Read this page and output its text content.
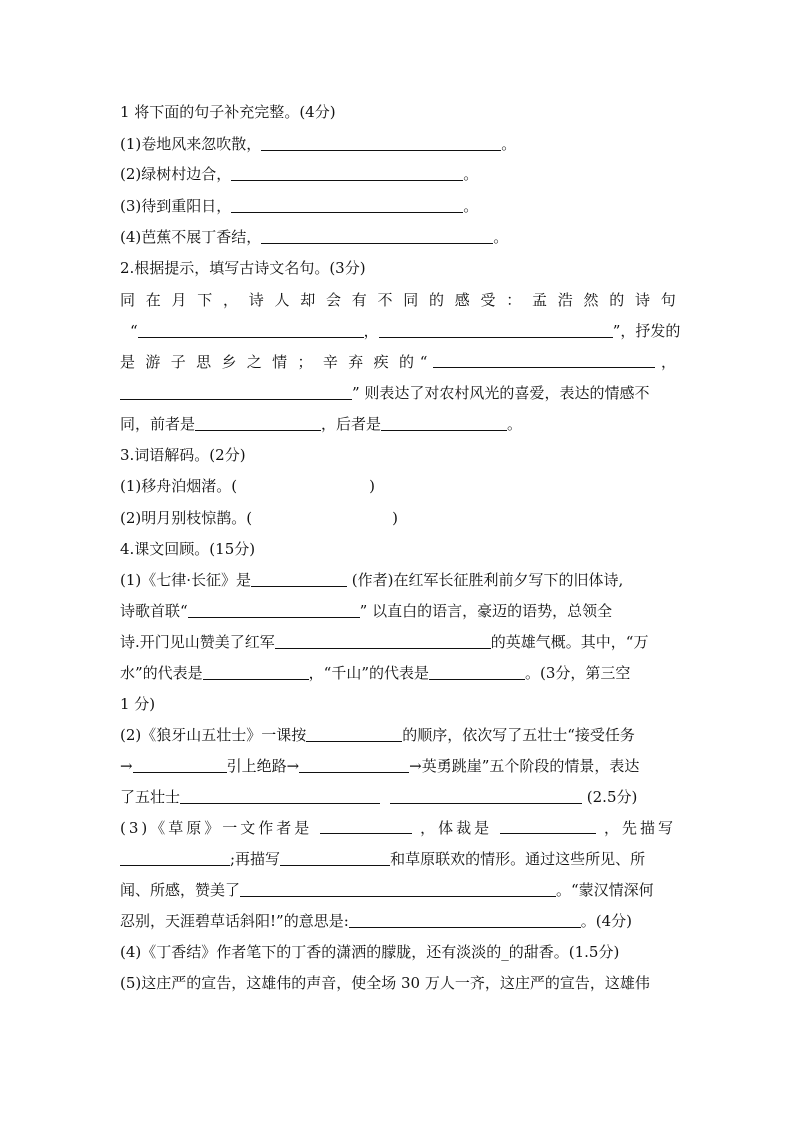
1 将下面的句子补充完整。(4分)
(1)卷地风来忽吹散，	。
(2)绿树村边合，	。
(3)待到重阳日，	。
(4)芭蕉不展丁香结，	。
2.根据提示，填写古诗文名句。(3分)
同 在 月 下 ， 诗 人 却 会 有 不 同 的 感 受 ： 孟 浩 然 的 诗 句
“	，	”，抒发的
是 游 子 思 乡 之 情 ； 辛 弃 疾 的 “	，
” 则表达了对农村风光的喜爱，表达的情感不
同，前者是	，后者是	。
3.词语解码。(2分)
(1)移舟泊烟渚。(	)
(2)明月别枝惊鹊。(	)
4.课文回顾。(15分)
(1)《七律·长征》是	(作者)在红军长征胜利前夕写下的旧体诗,
诗歌首联“	” 以直白的语言，豪迈的语势，总领全
诗.开门见山赞美了红军	的英雄气概。其中，“万
水”的代表是	，“千山”的代表是	。(3分，第三空
1 分)
(2)《狼牙山五壮士》一课按	的顺序，依次写了五壮士“接受任务
→	引上绝路→	→英勇跳崖”五个阶段的情景，表达
了五壮士	(2.5分)
(3)《草原》一文作者是	，体裁是	，先描写
;再描写	和草原联欢的情形。通过这些所见、所
闻、所感，赞美了	。“蒙汉情深何
忍别，天涯碧草话斜阳!”的意思是:	。(4分)
(4)《丁香结》作者笔下的丁香的潇洒的朦胧，还有淡淡的_的甜香。(1.5分)
(5)这庄严的宣告，这雄伟的声音，使全场 30 万人一齐，这庄严的宣告，这雄伟
